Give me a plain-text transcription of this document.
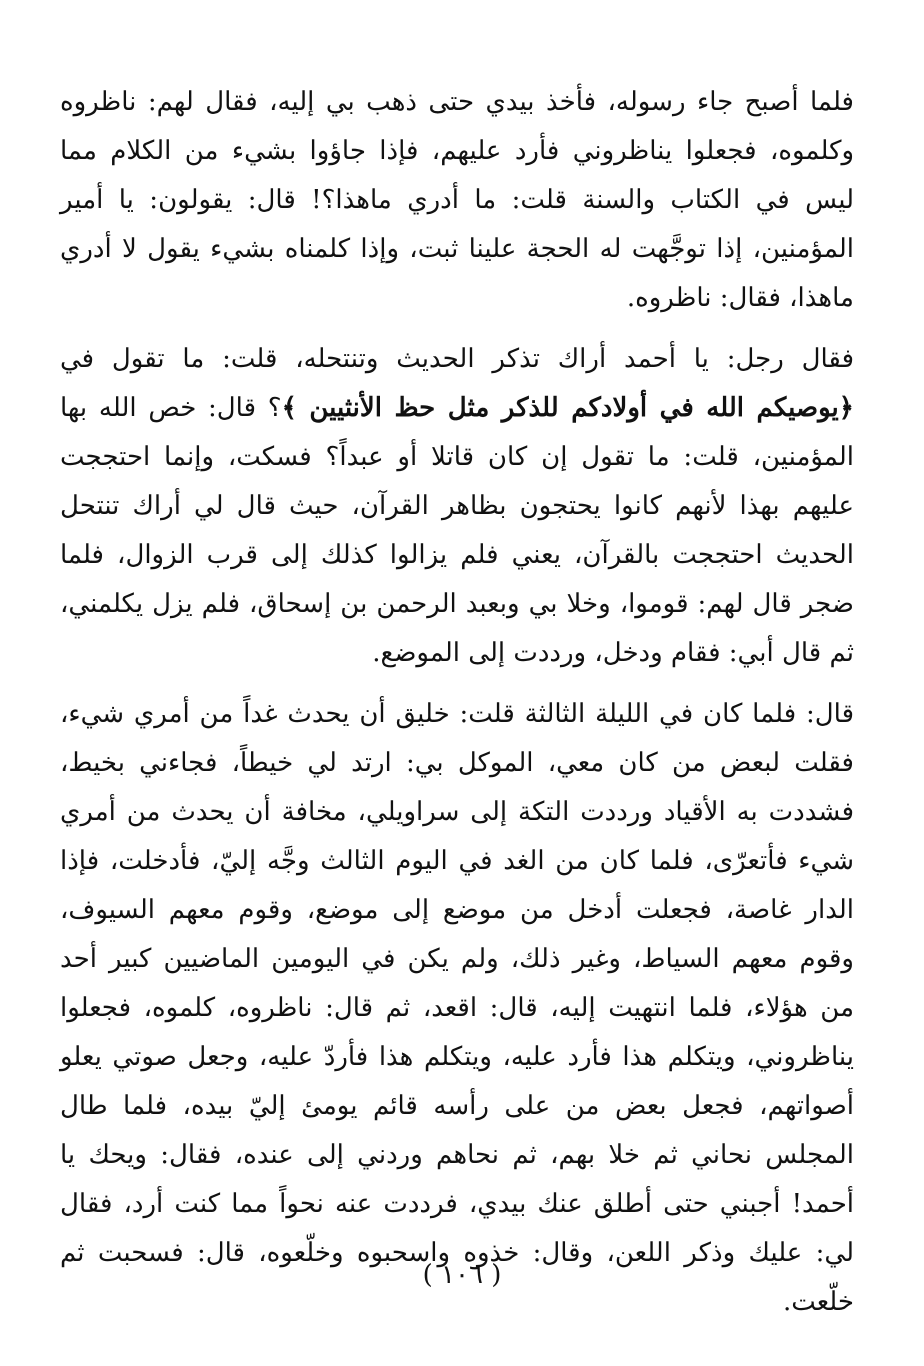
فلما أصبح جاء رسوله، فأخذ بيدي حتى ذهب بي إليه، فقال لهم: ناظروه وكلموه، فجعلوا يناظروني فأرد عليهم، فإذا جاؤوا بشيء من الكلام مما ليس في الكتاب والسنة قلت: ما أدري ماهذا؟! قال: يقولون: يا أمير المؤمنين، إذا توجَّهت له الحجة علينا ثبت، وإذا كلمناه بشيء يقول لا أدري ماهذا، فقال: ناظروه.

فقال رجل: يا أحمد أراك تذكر الحديث وتنتحله، قلت: ما تقول في ﴿يوصيكم الله في أولادكم للذكر مثل حظ الأنثيين ﴾؟ قال: خص الله بها المؤمنين، قلت: ما تقول إن كان قاتلا أو عبداً؟ فسكت، وإنما احتججت عليهم بهذا لأنهم كانوا يحتجون بظاهر القرآن، حيث قال لي أراك تنتحل الحديث احتججت بالقرآن، يعني فلم يزالوا كذلك إلى قرب الزوال، فلما ضجر قال لهم: قوموا، وخلا بي وبعبد الرحمن بن إسحاق، فلم يزل يكلمني، ثم قال أبي: فقام ودخل، ورددت إلى الموضع.

قال: فلما كان في الليلة الثالثة قلت: خليق أن يحدث غداً من أمري شيء، فقلت لبعض من كان معي، الموكل بي: ارتد لي خيطاً، فجاءني بخيط، فشددت به الأقياد ورددت التكة إلى سراويلي، مخافة أن يحدث من أمري شيء فأتعرّى، فلما كان من الغد في اليوم الثالث وجَّه إليّ، فأدخلت، فإذا الدار غاصة، فجعلت أدخل من موضع إلى موضع، وقوم معهم السيوف، وقوم معهم السياط، وغير ذلك، ولم يكن في اليومين الماضيين كبير أحد من هؤلاء، فلما انتهيت إليه، قال: اقعد، ثم قال: ناظروه، كلموه، فجعلوا يناظروني، ويتكلم هذا فأرد عليه، ويتكلم هذا فأردّ عليه، وجعل صوتي يعلو أصواتهم، فجعل بعض من على رأسه قائم يومئ إليّ بيده، فلما طال المجلس نحاني ثم خلا بهم، ثم نحاهم وردني إلى عنده، فقال: ويحك يا أحمد! أجبني حتى أطلق عنك بيدي، فرددت عنه نحواً مما كنت أرد، فقال لي: عليك وذكر اللعن، وقال: خذوه واسحبوه وخلّعوه، قال: فسحبت ثم خلّعت.

( ١٠٦ )
